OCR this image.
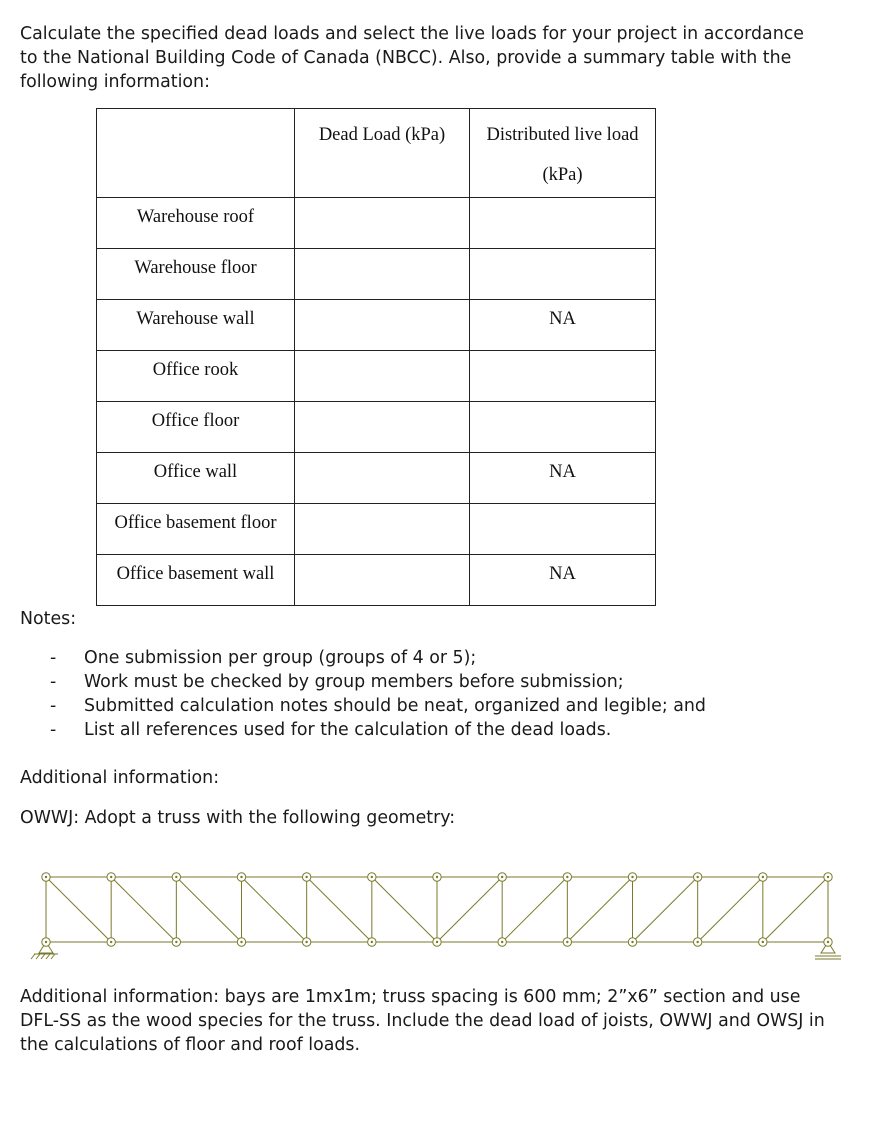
Calculate the specified dead loads and select the live loads for your project in accordance to the National Building Code of Canada (NBCC). Also, provide a summary table with the following information:

	Dead Load (kPa)	Distributed live load
(kPa)

Warehouse roof		
Warehouse floor		
Warehouse wall		NA
Office rook		
Office floor		
Office wall		NA
Office basement floor		
Office basement wall		NA

Notes:

- One submission per group (groups of 4 or 5);
- Work must be checked by group members before submission;
- Submitted calculation notes should be neat, organized and legible; and
- List all references used for the calculation of the dead loads.

Additional information:

OWWJ: Adopt a truss with the following geometry:

Additional information: bays are 1mx1m; truss spacing is 600 mm; 2”x6” section and use DFL-SS as the wood species for the truss. Include the dead load of joists, OWWJ and OWSJ in the calculations of floor and roof loads.
